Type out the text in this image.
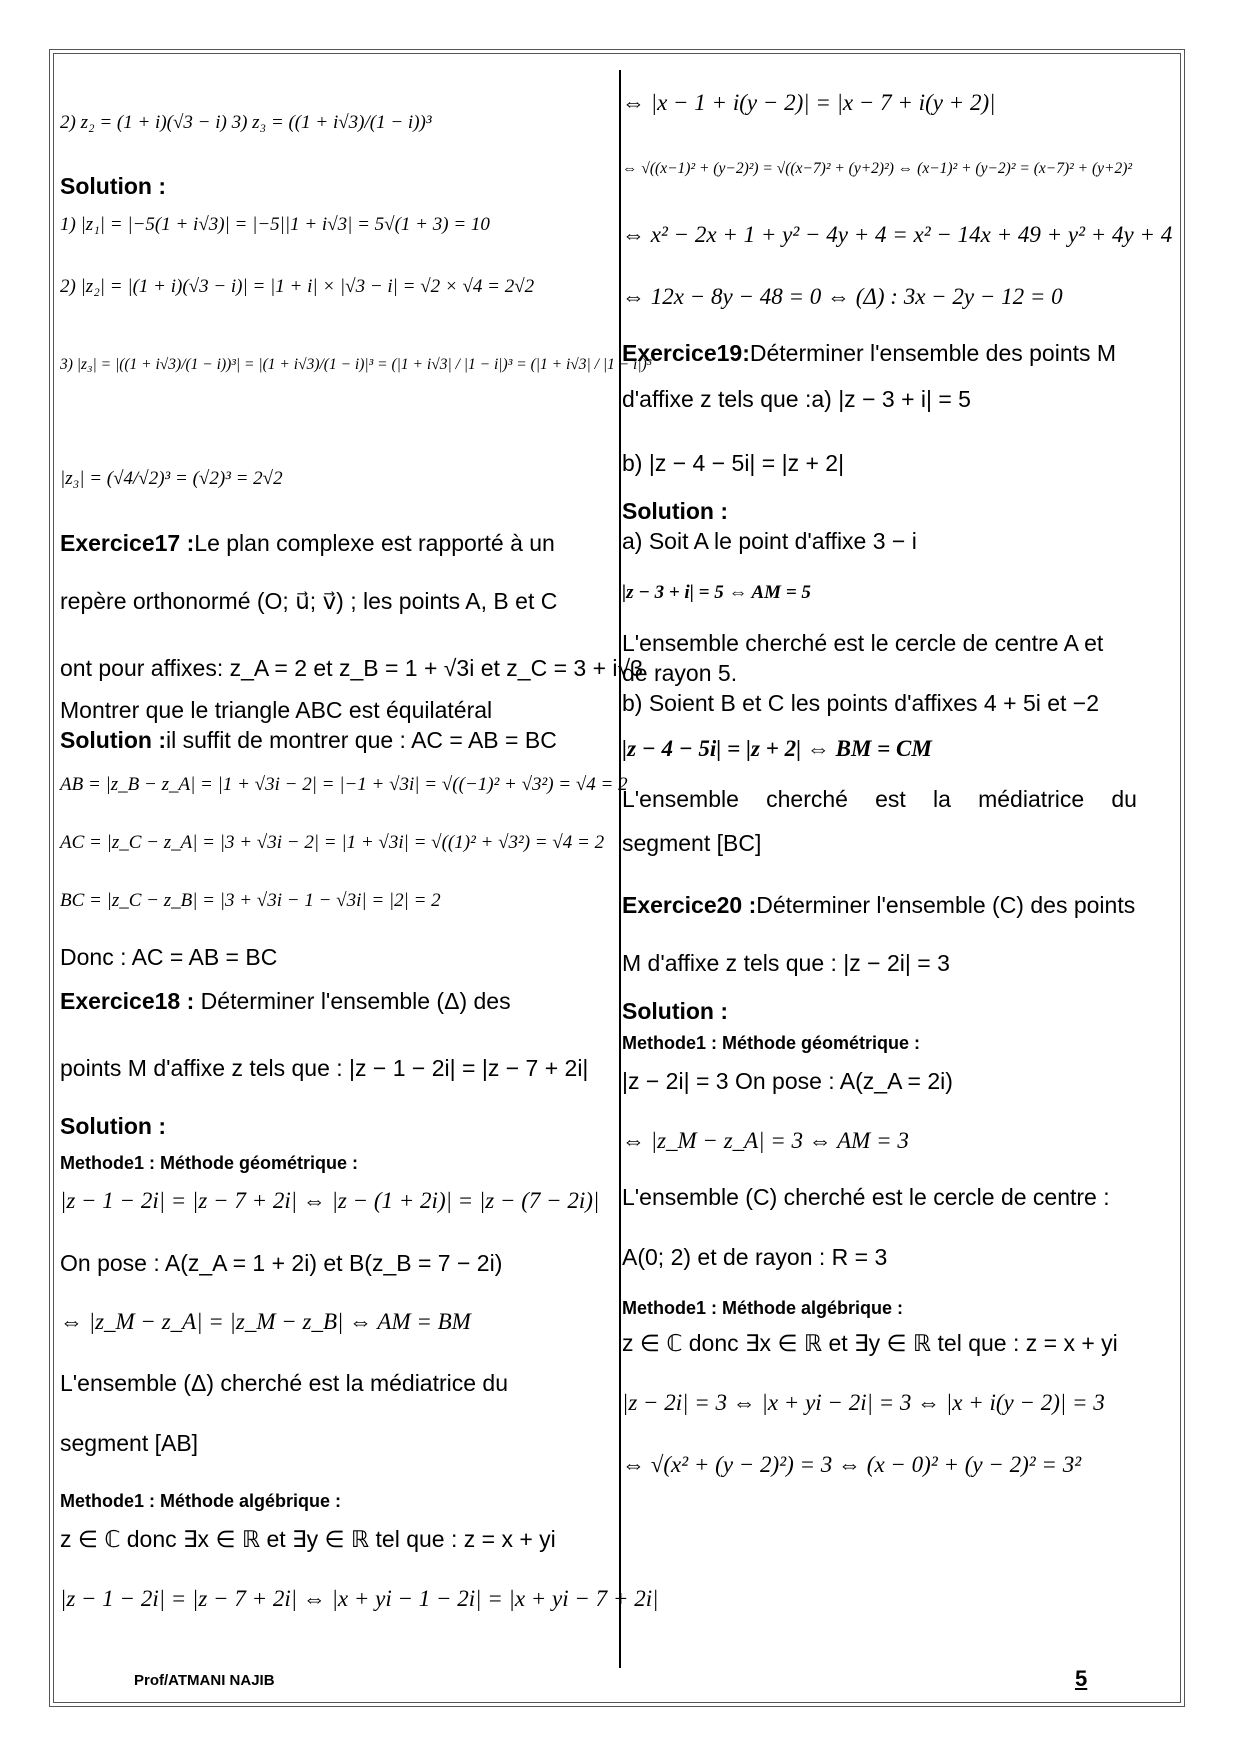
2) z₂ = (1 + i)(√3 − i) 3) z₃ = ((1 + i√3)/(1 − i))³
Solution :
1) |z₁| = |−5(1 + i√3)| = |−5||1 + i√3| = 5√(1 + 3) = 10
2) |z₂| = |(1 + i)(√3 − i)| = |1 + i| × |√3 − i| = √2 × √4 = 2√2
3) |z₃| = |((1 + i√3)/(1 − i))³| = |(1 + i√3)/(1 − i)|³ = (|1 + i√3| / |1 − i|)³ = (|1 + i√3| / |1 − i|)³
|z₃| = (√4/√2)³ = (√2)³ = 2√2
Exercice17 :Le plan complexe est rapporté à un
repère orthonormé (O; u⃗; v⃗) ; les points A, B et C
ont pour affixes: z_A = 2 et z_B = 1 + √3i et z_C = 3 + i√3
Montrer que le triangle ABC est équilatéral
Solution :il suffit de montrer que : AC = AB = BC
AB = |z_B − z_A| = |1 + √3i − 2| = |−1 + √3i| = √((−1)² + √3²) = √4 = 2
AC = |z_C − z_A| = |3 + √3i − 2| = |1 + √3i| = √((1)² + √3²) = √4 = 2
BC = |z_C − z_B| = |3 + √3i − 1 − √3i| = |2| = 2
Donc : AC = AB = BC
Exercice18 : Déterminer l'ensemble (Δ) des
points M d'affixe z tels que : |z − 1 − 2i| = |z − 7 + 2i|
Solution :
Methode1 : Méthode géométrique :
|z − 1 − 2i| = |z − 7 + 2i| ⇔ |z − (1 + 2i)| = |z − (7 − 2i)|
On pose : A(z_A = 1 + 2i) et B(z_B = 7 − 2i)
⇔ |z_M − z_A| = |z_M − z_B| ⇔ AM = BM
L'ensemble (Δ) cherché est la médiatrice du
segment [AB]
Methode1 : Méthode algébrique :
z ∈ ℂ donc ∃x ∈ ℝ et ∃y ∈ ℝ tel que : z = x + yi
|z − 1 − 2i| = |z − 7 + 2i| ⇔ |x + yi − 1 − 2i| = |x + yi − 7 + 2i|
⇔ |x − 1 + i(y − 2)| = |x − 7 + i(y + 2)|
⇔ √((x−1)² + (y−2)²) = √((x−7)² + (y+2)²) ⇔ (x−1)² + (y−2)² = (x−7)² + (y+2)²
⇔ x² − 2x + 1 + y² − 4y + 4 = x² − 14x + 49 + y² + 4y + 4
⇔ 12x − 8y − 48 = 0 ⇔ (Δ) : 3x − 2y − 12 = 0
Exercice19:Déterminer l'ensemble des points M
d'affixe z tels que :a) |z − 3 + i| = 5
b) |z − 4 − 5i| = |z + 2|
Solution :
a) Soit A le point d'affixe 3 − i
|z − 3 + i| = 5 ⇔ AM = 5
L'ensemble cherché est le cercle de centre A et
de rayon 5.
b) Soient B et C les points d'affixes 4 + 5i et −2
|z − 4 − 5i| = |z + 2| ⇔ BM = CM
L'ensemble cherché est la médiatrice du
segment [BC]
Exercice20 :Déterminer l'ensemble (C) des points
M d'affixe z tels que : |z − 2i| = 3
Solution :
Methode1 : Méthode géométrique :
|z − 2i| = 3 On pose : A(z_A = 2i)
⇔ |z_M − z_A| = 3 ⇔ AM = 3
L'ensemble (C) cherché est le cercle de centre :
A(0; 2) et de rayon : R = 3
Methode1 : Méthode algébrique :
z ∈ ℂ donc ∃x ∈ ℝ et ∃y ∈ ℝ tel que : z = x + yi
|z − 2i| = 3 ⇔ |x + yi − 2i| = 3 ⇔ |x + i(y − 2)| = 3
⇔ √(x² + (y − 2)²) = 3 ⇔ (x − 0)² + (y − 2)² = 3²
Prof/ATMANI NAJIB	5
